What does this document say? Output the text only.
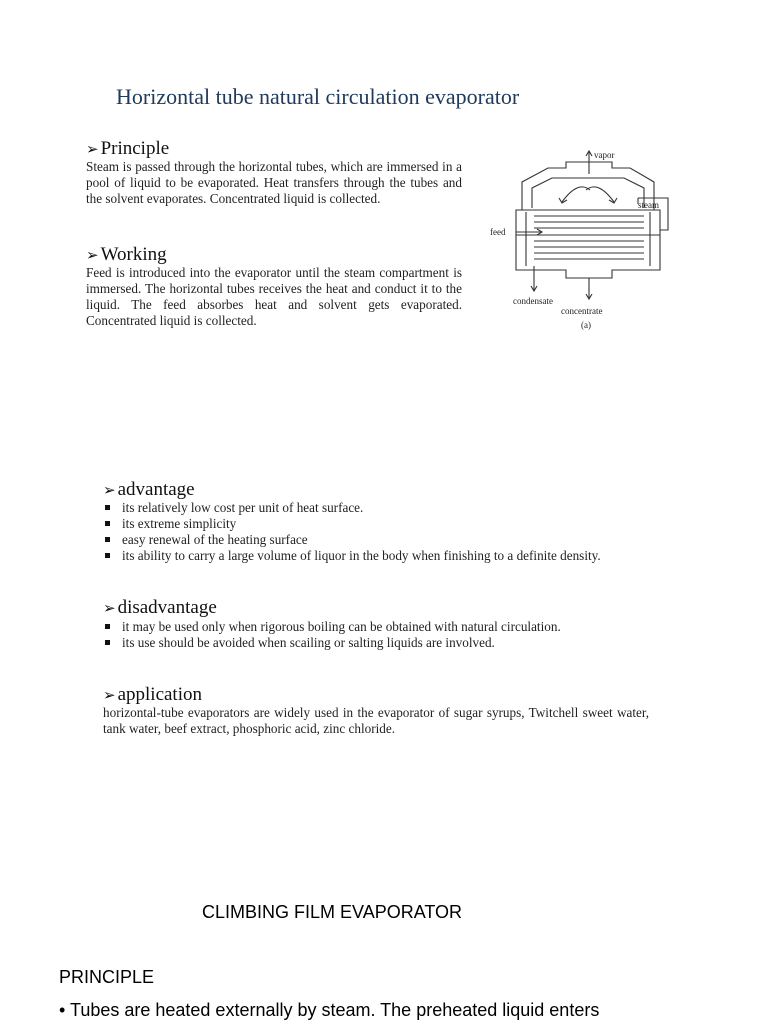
Horizontal tube natural circulation evaporator
➢ Principle
Steam is passed through the horizontal tubes, which are immersed in a pool of liquid to be evaporated. Heat transfers through the tubes and the solvent evaporates. Concentrated liquid is collected.
➢ Working
Feed is introduced into the evaporator until the steam compartment is immersed. The horizontal tubes receives the heat and conduct it to the liquid. The feed absorbes heat and solvent gets evaporated. Concentrated liquid is collected.
vapor
steam
feed
condensate
concentrate
(a)
➢ advantage
its relatively low cost per unit of heat surface.
its extreme simplicity
easy renewal of the heating surface
its ability to carry a large volume of liquor in the body when finishing to a definite density.
➢ disadvantage
it may be used only when rigorous boiling can be obtained with natural circulation.
its use should be avoided when scailing or salting liquids are involved.
➢ application
horizontal-tube evaporators are widely used in the evaporator of sugar syrups, Twitchell sweet water, tank water, beef extract, phosphoric acid, zinc chloride.
CLIMBING FILM EVAPORATOR
PRINCIPLE
• Tubes are heated externally by steam. The preheated liquid enters
